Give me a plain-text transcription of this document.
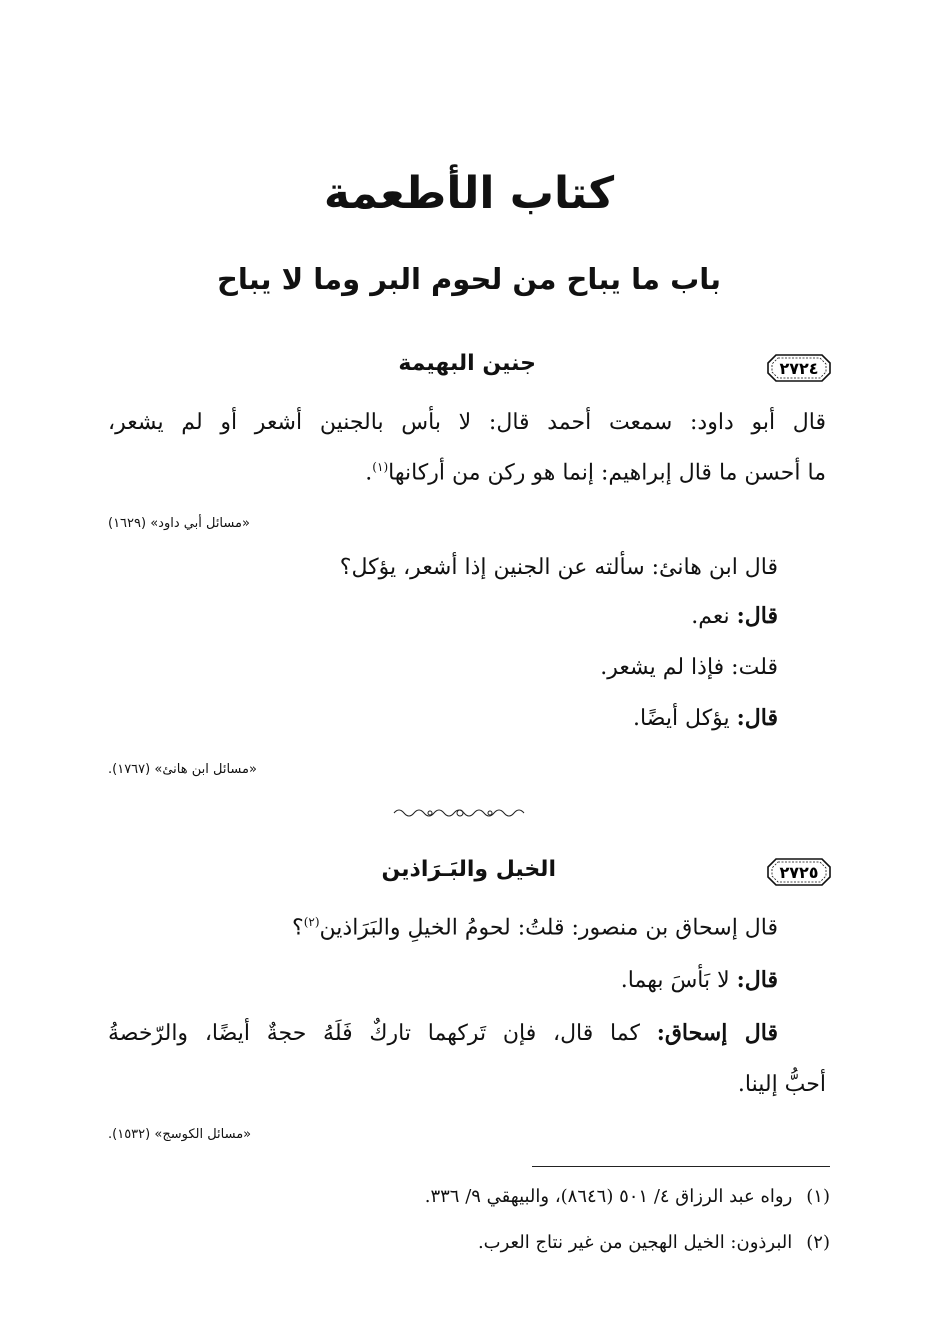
كتاب الأطعمة
باب ما يباح من لحوم البر وما لا يباح
٢٧٢٤
جنين البهيمة
قال أبو داود: سمعت أحمد قال: لا بأس بالجنين أشعر أو لم يشعر،
ما أحسن ما قال إبراهيم: إنما هو ركن من أركانها$^{(١)}$.
«مسائل أبي داود» (١٦٢٩)
قال ابن هانئ: سألته عن الجنين إذا أشعر، يؤكل؟
قال: نعم.
قلت: فإذا لم يشعر.
قال: يؤكل أيضًا.
«مسائل ابن هانئ» (١٧٦٧).
٢٧٢٥
الخيل والبَـرَاذين
قال إسحاق بن منصور: قلتُ: لحومُ الخيلِ والبَرَاذين$^{(٢)}$؟
قال: لا بَأسَ بهما.
قال إسحاق: كما قال، فإن تَركهما تاركٌ فَلَهُ حجةٌ أيضًا، والرّخصةُ
أحبُّ إلينا.
«مسائل الكوسج» (١٥٣٢).
(١)رواه عبد الرزاق ٤/ ٥٠١ (٨٦٤٦)، والبيهقي ٩/ ٣٣٦.
(٢)البرذون: الخيل الهجين من غير نتاج العرب.
